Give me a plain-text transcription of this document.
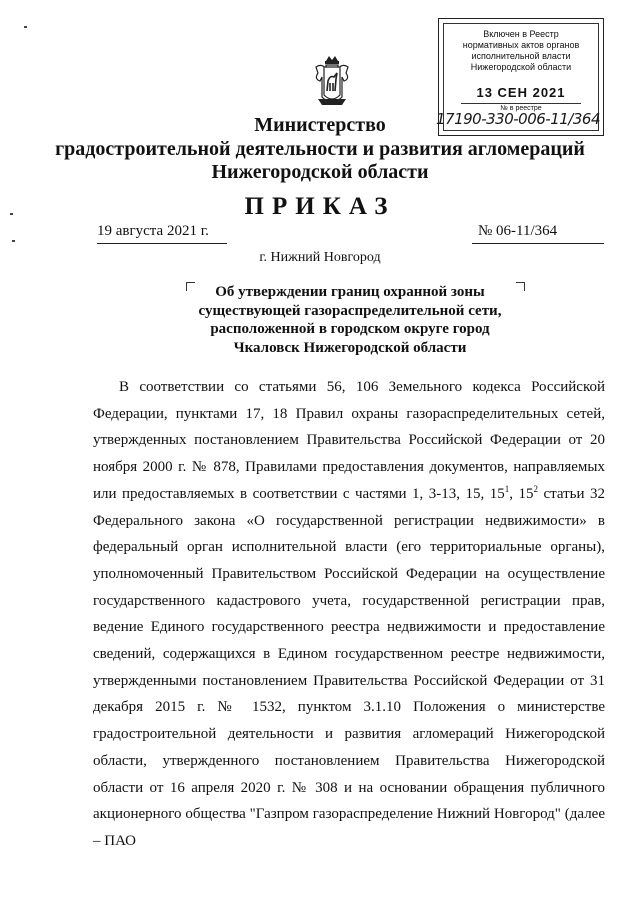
Включен в Реестр
нормативных актов органов
исполнительной власти
Нижегородской области
13 СЕН 2021
№ в реестре
17190-330-006-11/364
Министерство
градостроительной деятельности и развития агломераций
Нижегородской области
ПРИКАЗ
19 августа 2021 г.	№ 06-11/364
г. Нижний Новгород
Об утверждении границ охранной зоны
существующей газораспределительной сети,
расположенной в городском округе город
Чкаловск Нижегородской области
В соответствии со статьями 56, 106 Земельного кодекса Российской Федерации, пунктами 17, 18 Правил охраны газораспределительных сетей, утвержденных постановлением Правительства Российской Федерации от 20 ноября 2000 г. № 878, Правилами предоставления документов, направляемых или предоставляемых в соответствии с частями 1, 3-13, 15, $15^1$, $15^2$ статьи 32 Федерального закона «О государственной регистрации недвижимости» в федеральный орган исполнительной власти (его территориальные органы), уполномоченный Правительством Российской Федерации на осуществление государственного кадастрового учета, государственной регистрации прав, ведение Единого государственного реестра недвижимости и предоставление сведений, содержащихся в Едином государственном реестре недвижимости, утвержденными постановлением Правительства Российской Федерации от 31 декабря 2015 г. № 1532, пунктом 3.1.10 Положения о министерстве градостроительной деятельности и развития агломераций Нижегородской области, утвержденного постановлением Правительства Нижегородской области от 16 апреля 2020 г. № 308 и на основании обращения публичного акционерного общества "Газпром газораспределение Нижний Новгород" (далее – ПАО
